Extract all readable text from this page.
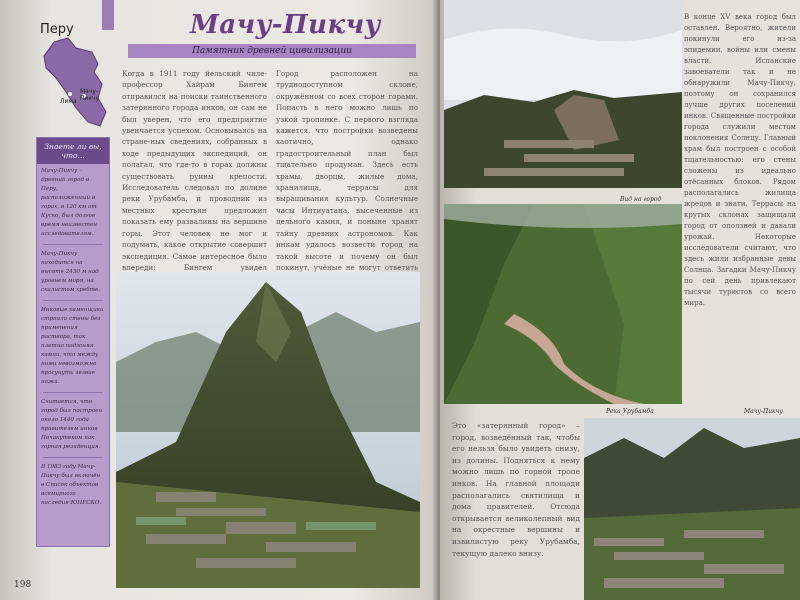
Перу
Лима
Мачу-Пикчу
Знаете ли вы, что...
Мачу-Пикчу – древний город в Перу, расположенный в горах, в 120 км от Куско, был долгое время неизвестен исследователям.
Мачу-Пикчу находится на высоте 2430 м над уровнем моря, на скалистом хребте.
Инковые каменщики строили стены без применения раствора, так плотно подгоняя камни, что между ними невозможно просунуть лезвие ножа.
Считается, что город был построен около 1440 года правителем инков Пачакутеком как горная резиденция.
В 1983 году Мачу-Пикчу был включён в Список объектов всемирного наследия ЮНЕСКО.
Мачу-Пикчу
Памятник древней цивилизации
Когда в 1911 году йельский чиле-профессор Хайрам Бингем отправился на поиски таинственного затерянного города инков, он сам не был уверен, что его предприятие увенчается успехом. Основываясь на стране-ных сведениях, собранных в ходе предыдущих экспедиций, он полагал, что где-то в горах должны существовать руины крепости. Исследователь следовал по долине реки Урубамба, и проводник из местных крестьян предложил показать ему развалины на вершине горы. Этот человек не мог и подумать, какое открытие совершит экспедиция. Самое интересное было впереди: Бингем увидел
Город расположен на труднодоступном склоне, окружённом со всех сторон горами. Попасть в него можно лишь по узкой тропинке. С первого взгляда кажется, что постройки возведены хаотично, однако градостроительный план был тщательно продуман. Здесь есть храмы, дворцы, жилые дома, хранилища, террасы для выращивания культур. Солнечные часы Интиуатана, высеченные из цельного камня, и поныне хранят тайну древних астрономов. Как инкам удалось возвести город на такой высоте и почему он был покинут, учёные не могут ответить
198
Вид на город
Река Урубамба	Мачу-Пикчу
В конце XV века город был оставлен. Вероятно, жители покинули его из-за эпидемии, войны или смены власти. Испанские завоеватели так и не обнаружили Мачу-Пикчу, поэтому он сохранился лучше других поселений инков. Священные постройки города служили местом поклонения Солнцу. Главный храм был построен с особой тщательностью: его стены сложены из идеально отёсанных блоков. Рядом располагались жилища жрецов и знати. Террасы на крутых склонах защищали город от оползней и давали урожай. Некоторые исследователи считают, что здесь жили избранные девы Солнца. Загадки Мачу-Пикчу по сей день привлекают тысячи туристов со всего мира.
Это «затерянный город» – город, возведённый так, чтобы его нельзя было увидеть снизу, из долины. Подняться к нему можно лишь по горной тропе инков. На главной площади располагались святилища и дома правителей. Отсюда открывается великолепный вид на окрестные вершины и извилистую реку Урубамба, текущую далеко внизу.
